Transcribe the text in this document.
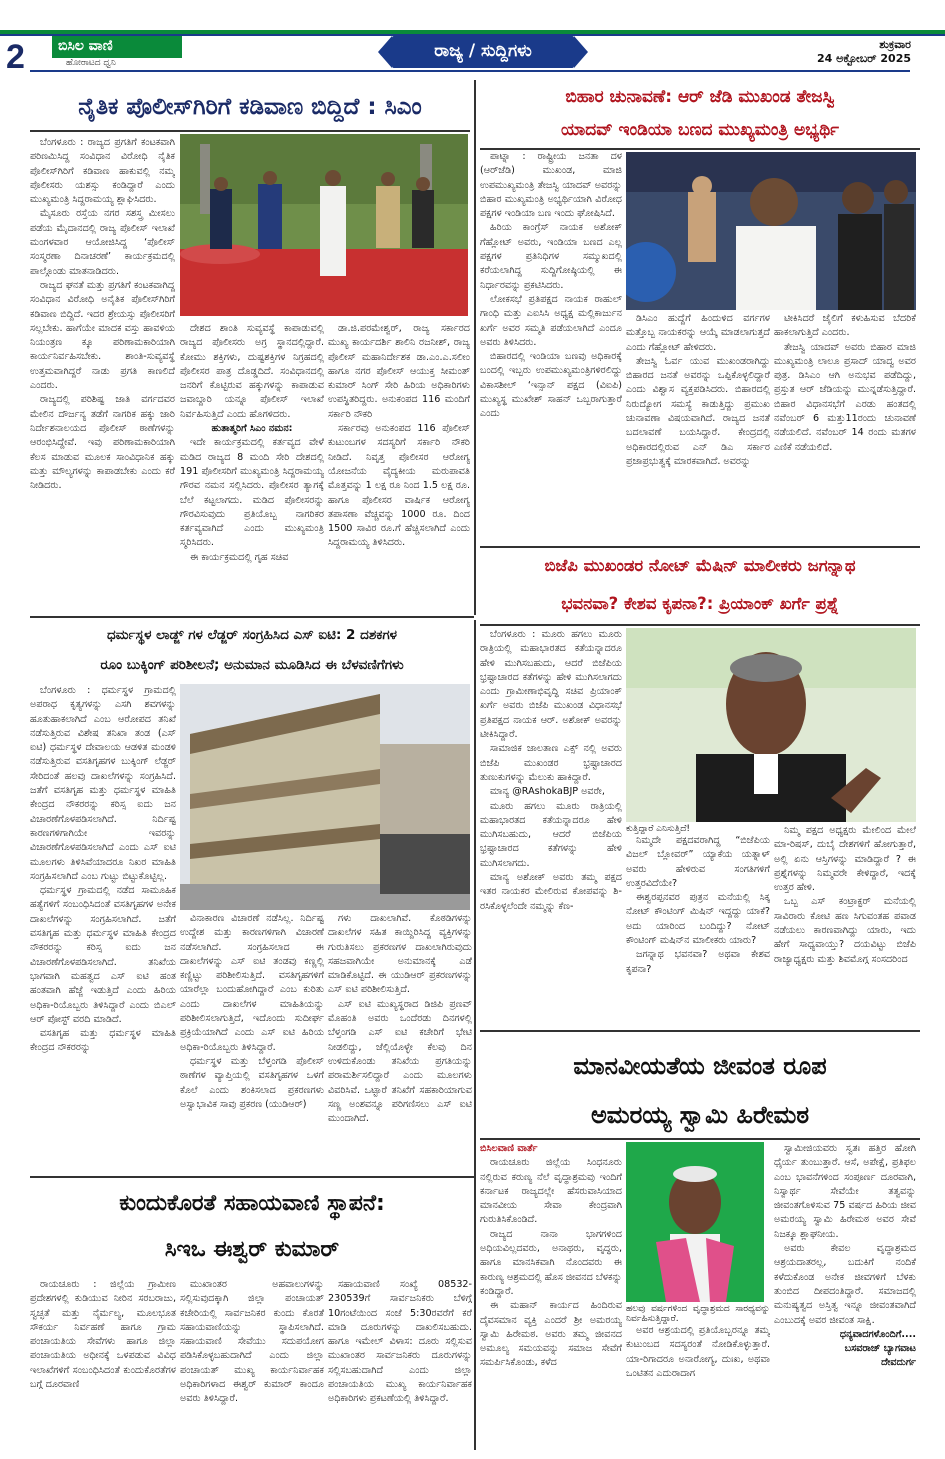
2	ಬಿಸಿಲ ವಾಣಿ
ಹೋರಾಟದ ಧ್ವನಿ
ರಾಜ್ಯ / ಸುದ್ದಿಗಳು	ಶುಕ್ರವಾರ
24 ಅಕ್ಟೋಬರ್ 2025
ನೈತಿಕ ಪೊಲೀಸ್‌ಗಿರಿಗೆ ಕಡಿವಾಣ ಬಿದ್ದಿದೆ : ಸಿಎಂ

ಬೆಂಗಳೂರು : ರಾಜ್ಯದ ಪ್ರಗತಿಗೆ ಕಂಟಕವಾಗಿ ಪರಿಣಮಿಸಿದ್ದ ಸಂವಿಧಾನ ವಿರೋಧಿ ನೈತಿಕ ಪೊಲೀಸ್‌ಗಿರಿಗೆ ಕಡಿವಾಣ ಹಾಕುವಲ್ಲಿ ನಮ್ಮ ಪೊಲೀಸರು ಯಶಸ್ಸು ಕಂಡಿದ್ದಾರೆ ಎಂದು ಮುಖ್ಯಮಂತ್ರಿ ಸಿದ್ದರಾಮಯ್ಯ ಶ್ಲಾಘಿಸಿದರು.

ಮೈಸೂರು ರಸ್ತೆಯ ನಗರ ಸಶಸ್ತ್ರ ಮೀಸಲು ಪಡೆಯ ಮೈದಾನದಲ್ಲಿ ರಾಜ್ಯ ಪೊಲೀಸ್ ಇಲಾಖೆ ಮಂಗಳವಾರ ಆಯೋಜಿಸಿದ್ದ ‘ಪೊಲೀಸ್ ಸಂಸ್ಮರಣಾ ದಿನಾಚರಣೆ’ ಕಾರ್ಯಕ್ರಮದಲ್ಲಿ ಪಾಲ್ಗೊಂಡು ಮಾತನಾಡಿದರು.

ರಾಜ್ಯದ ಘನತೆ ಮತ್ತು ಪ್ರಗತಿಗೆ ಕಂಟಕವಾಗಿದ್ದ ಸಂವಿಧಾನ ವಿರೋಧಿ ಅನೈತಿಕ ಪೊಲೀಸ್‌ಗಿರಿಗೆ ಕಡಿವಾಣ ಬಿದ್ದಿದೆ. ಇದರ ಶ್ರೇಯಸ್ಸು ಪೊಲೀಸರಿಗೆ ಸಲ್ಲಬೇಕು. ಹಾಗೆಯೇ ಮಾದಕ ವಸ್ತು ಹಾವಳಿಯ ನಿಯಂತ್ರಣ ಕ್ಕೂ ಪರಿಣಾಮಕಾರಿಯಾಗಿ ಕಾರ್ಯನಿರ್ವಹಿಸಬೇಕು. ಶಾಂತಿ-ಸುವ್ಯವಸ್ಥೆ ಉತ್ತಮವಾಗಿದ್ದರೆ ನಾಡು ಪ್ರಗತಿ ಕಾಣಲಿದೆ ಎಂದರು.

ರಾಜ್ಯದಲ್ಲಿ ಪರಿಶಿಷ್ಟ ಜಾತಿ ವರ್ಗದವರ ಮೇಲಿನ ದೌರ್ಜನ್ಯ ತಡೆಗೆ ನಾಗರಿಕ ಹಕ್ಕು ಜಾರಿ ನಿರ್ದೇಶನಾಲಯದ ಪೊಲೀಸ್ ಠಾಣೆಗಳನ್ನು ಆರಂಭಿಸಿದ್ದೇವೆ. ಇವು ಪರಿಣಾಮಕಾರಿಯಾಗಿ ಕೆಲಸ ಮಾಡುವ ಮೂಲಕ ಸಾಂವಿಧಾನಿಕ ಹಕ್ಕು ಮತ್ತು ಮೌಲ್ಯಗಳನ್ನು ಕಾಪಾಡಬೇಕು ಎಂದು ಕರೆ ನೀಡಿದರು.

ದೇಶದ ಶಾಂತಿ ಸುವ್ಯವಸ್ಥೆ ಕಾಪಾಡುವಲ್ಲಿ ರಾಜ್ಯದ ಪೊಲೀಸರು ಅಗ್ರ ಸ್ಥಾನದಲ್ಲಿದ್ದಾರೆ. ಕೋಮು ಶಕ್ತಿಗಳು, ದುಷ್ಟಶಕ್ತಿಗಳ ನಿಗ್ರಹದಲ್ಲಿ ಪೊಲೀಸರ ಪಾತ್ರ ದೊಡ್ಡದಿದೆ. ಸಂವಿಧಾನದಲ್ಲಿ ಜನರಿಗೆ ಕೊಟ್ಟಿರುವ ಹಕ್ಕುಗಳನ್ನು ಕಾಪಾಡುವ ಜವಾಬ್ದಾರಿ ಯನ್ನೂ ಪೊಲೀಸ್ ಇಲಾಖೆ ನಿರ್ವಹಿಸುತ್ತಿದೆ ಎಂದು ಹೊಗಳಿದರು.

ಹುತಾತ್ಮರಿಗೆ ಸಿಎಂ ನಮನ:

ಇದೇ ಕಾರ್ಯಕ್ರಮದಲ್ಲಿ ಕರ್ತವ್ಯದ ವೇಳೆ ಮಡಿದ ರಾಜ್ಯದ 8 ಮಂದಿ ಸೇರಿ ದೇಶದಲ್ಲಿ 191 ಪೊಲೀಸರಿಗೆ ಮುಖ್ಯಮಂತ್ರಿ ಸಿದ್ದರಾಮಯ್ಯ ಗೌರವ ನಮನ ಸಲ್ಲಿಸಿದರು. ಪೊಲೀಸರ ತ್ಯಾಗಕ್ಕೆ ಬೆಲೆ ಕಟ್ಟಲಾಗದು. ಮಡಿದ ಪೊಲೀಸರನ್ನು ಗೌರವಿಸುವುದು ಪ್ರತಿಯೊಬ್ಬ ನಾಗರಿಕರ ಕರ್ತವ್ಯವಾಗಿದೆ ಎಂದು ಮುಖ್ಯಮಂತ್ರಿ ಸ್ಮರಿಸಿದರು.

ಈ ಕಾರ್ಯಕ್ರಮದಲ್ಲಿ ಗೃಹ ಸಚಿವ

ಡಾ.ಜಿ.ಪರಮೇಶ್ವರ್, ರಾಜ್ಯ ಸರ್ಕಾರದ ಮುಖ್ಯ ಕಾರ್ಯದರ್ಶಿ ಶಾಲಿನಿ ರಜನೀಶ್, ರಾಜ್ಯ ಪೊಲೀಸ್ ಮಹಾನಿರ್ದೇಶಕ ಡಾ.ಎಂ.ಎ.ಸಲೀಂ ಹಾಗೂ ನಗರ ಪೊಲೀಸ್ ಆಯುಕ್ತ ಸೀಮಂತ್ ಕುಮಾರ್ ಸಿಂಗ್ ಸೇರಿ ಹಿರಿಯ ಅಧಿಕಾರಿಗಳು ಉಪಸ್ಥಿತರಿದ್ದರು. ಅನುಕಂಪದ 116 ಮಂದಿಗೆ ಸರ್ಕಾರಿ ನೌಕರಿ

ಸರ್ಕಾರವು ಅನುಕಂಪದ 116 ಪೊಲೀಸ್ ಕುಟುಂಬಗಳ ಸದಸ್ಯರಿಗೆ ಸರ್ಕಾರಿ ನೌಕರಿ ನೀಡಿದೆ. ನಿವೃತ್ತ ಪೊಲೀಸರ ಆರೋಗ್ಯ ಯೋಜನೆಯ ವೈದ್ಯಕೀಯ ಮರುಪಾವತಿ ಮೊತ್ತವನ್ನು 1 ಲಕ್ಷ ರೂ ನಿಂದ 1.5 ಲಕ್ಷ ರೂ. ಹಾಗೂ ಪೊಲೀಸರ ವಾರ್ಷಿಕ ಆರೋಗ್ಯ ತಪಾಸಣಾ ವೆಚ್ಚವನ್ನು 1000 ರೂ. ದಿಂದ 1500 ಸಾವಿರ ರೂ.ಗೆ ಹೆಚ್ಚಿಸಲಾಗಿದೆ ಎಂದು ಸಿದ್ದರಾಮಯ್ಯ ತಿಳಿಸಿದರು.

ಬಿಹಾರ ಚುನಾವಣೆ: ಆರ್ ಜೆಡಿ ಮುಖಂಡ ತೇಜಸ್ವಿ
ಯಾದವ್ ಇಂಡಿಯಾ ಬಣದ ಮುಖ್ಯಮಂತ್ರಿ ಅಭ್ಯರ್ಥಿ

ಪಾಟ್ನಾ : ರಾಷ್ಟ್ರೀಯ ಜನತಾ ದಳ (ಆರ್‌ಜೆಡಿ) ಮುಖಂಡ, ಮಾಜಿ ಉಪಮುಖ್ಯಮಂತ್ರಿ ತೇಜಸ್ವಿ ಯಾದವ್ ಅವರನ್ನು ಬಿಹಾರ ಮುಖ್ಯಮಂತ್ರಿ ಅಭ್ಯರ್ಥಿಯಾಗಿ ವಿರೋಧ ಪಕ್ಷಗಳ ಇಂಡಿಯಾ ಬಣ ಇಂದು ಘೋಷಿಸಿದೆ.

ಹಿರಿಯ ಕಾಂಗ್ರೆಸ್ ನಾಯಕ ಅಶೋಕ್ ಗೆಹ್ಲೋಟ್ ಅವರು, ಇಂಡಿಯಾ ಬಣದ ಎಲ್ಲ ಪಕ್ಷಗಳ ಪ್ರತಿನಿಧಿಗಳ ಸಮ್ಮುಖದಲ್ಲಿ ಕರೆಯಲಾಗಿದ್ದ ಸುದ್ದಿಗೋಷ್ಠಿಯಲ್ಲಿ ಈ ನಿರ್ಧಾರವನ್ನು ಪ್ರಕಟಿಸಿದರು.

ಲೋಕಸಭೆ ಪ್ರತಿಪಕ್ಷದ ನಾಯಕ ರಾಹುಲ್ ಗಾಂಧಿ ಮತ್ತು ಎಐಸಿಸಿ ಅಧ್ಯಕ್ಷ ಮಲ್ಲಿಕಾರ್ಜುನ ಖರ್ಗೆ ಅವರ ಸಮ್ಮತಿ ಪಡೆಯಲಾಗಿದೆ ಎಂದೂ ಅವರು ತಿಳಿಸಿದರು.

ಬಿಹಾರದಲ್ಲಿ ಇಂಡಿಯಾ ಬಣವು ಅಧಿಕಾರಕ್ಕೆ ಬಂದಲ್ಲಿ ಇಬ್ಬರು ಉಪಮುಖ್ಯಮಂತ್ರಿಗಳಿರಲಿದ್ದು ವಿಕಾಸಶೀಲ್ ‘ಇನ್ಸಾನ್ ಪಕ್ಷದ (ವಿಐಪಿ) ಮುಖ್ಯಸ್ಥ ಮುಖೇಶ್ ಸಾಹನ್ ಒಬ್ಬರಾಗುತ್ತಾರೆ ಎಂದು

ಡಿಸಿಎಂ ಹುದ್ದೆಗೆ ಹಿಂದುಳಿದ ವರ್ಗಗಳ ಮತ್ತೊಬ್ಬ ನಾಯಕರನ್ನು ಆಯ್ಕೆ ಮಾಡಲಾಗುತ್ತದೆ ಎಂದು ಗೆಹ್ಲೋಟ್ ಹೇಳಿದರು.

ತೇಜಸ್ವಿ ಓರ್ವ ಯುವ ಮುಖಂಡರಾಗಿದ್ದು ಬಿಹಾರದ ಜನತೆ ಅವರನ್ನು ಒಪ್ಪಿಕೊಳ್ಳಲಿದ್ದಾರೆ ಎಂದು ವಿಶ್ವಾಸ ವ್ಯಕ್ತಪಡಿಸಿದರು. ಬಿಹಾರದಲ್ಲಿ ನಿರುದ್ಯೋಗ ಸಮಸ್ಯೆ ಕಾಡುತ್ತಿದ್ದು ಪ್ರಮುಖ ಚುನಾವಣಾ ವಿಷಯವಾಗಿದೆ. ರಾಜ್ಯದ ಜನತೆ ಬದಲಾವಣೆ ಬಯಸಿದ್ದಾರೆ. ಕೇಂದ್ರದಲ್ಲಿ ಅಧಿಕಾರದಲ್ಲಿರುವ ಎನ್ ಡಿಎ ಸರ್ಕಾರ ಪ್ರಜಾಪ್ರಭುತ್ವಕ್ಕೆ ಮಾರಕವಾಗಿದೆ. ಅವರನ್ನು

ಟೀಕಿಸಿದರೆ ಜೈಲಿಗೆ ಕಳುಹಿಸುವ ಬೆದರಿಕೆ ಹಾಕಲಾಗುತ್ತಿದೆ ಎಂದರು.

ತೇಜಸ್ವಿ ಯಾದವ್ ಅವರು ಬಿಹಾರ ಮಾಜಿ ಮುಖ್ಯಮಂತ್ರಿ ಲಾಲೂ ಪ್ರಸಾದ್ ಯಾದ್ವ ಅವರ ಪುತ್ರ. ಡಿಸಿಎಂ ಆಗಿ ಅನುಭವ ಪಡೆದಿದ್ದು, ಪ್ರಸ್ತುತ ಆರ್ ಜೆಡಿಯನ್ನು ಮುನ್ನಡೆಸುತ್ತಿದ್ದಾರೆ. ಬಿಹಾರ ವಿಧಾನಸಭೆಗೆ ಎರಡು ಹಂತದಲ್ಲಿ ನವೆಂಬರ್ 6 ಮತ್ತು11ರಂದು ಚುನಾವಣೆ ನಡೆಯಲಿದೆ. ನವೆಂಬರ್ 14 ರಂದು ಮತಗಳ ಎಣಿಕೆ ನಡೆಯಲಿದೆ.

ಬಿಜೆಪಿ ಮುಖಂಡರ ನೋಟ್ ಮೆಷಿನ್ ಮಾಲೀಕರು ಜಗನ್ನಾಥ
ಭವನವಾ? ಕೇಶವ ಕೃಪನಾ?: ಪ್ರಿಯಾಂಕ್ ಖರ್ಗೆ ಪ್ರಶ್ನೆ

ಬೆಂಗಳೂರು : ಮೂರು ಹಗಲು ಮೂರು ರಾತ್ರಿಯಲ್ಲಿ ಮಹಾಭಾರತದ ಕತೆಯನ್ನಾದರೂ ಹೇಳಿ ಮುಗಿಸಬಹುದು, ಆದರೆ ಬಿಜೆಪಿಯ ಭ್ರಷ್ಟಾಚಾರದ ಕತೆಗಳನ್ನು ಹೇಳಿ ಮುಗಿಸಲಾಗದು ಎಂದು ಗ್ರಾಮೀಣಾಭಿವೃದ್ಧಿ ಸಚಿವ ಪ್ರಿಯಾಂಕ್ ಖರ್ಗೆ ಅವರು ಬಿಜೆಪಿ ಮುಖಂಡ ವಿಧಾನಸಭೆ ಪ್ರತಿಪಕ್ಷದ ನಾಯಕ ಆರ್. ಅಶೋಕ್ ಅವರನ್ನು ಟೀಕಿಸಿದ್ದಾರೆ.

ಸಾಮಾಜಿಕ ಜಾಲತಾಣ ಎಕ್ಸ್ ನಲ್ಲಿ ಅವರು ಬಿಜೆಪಿ ಮುಖಂಡರ ಭ್ರಷ್ಟಾಚಾರದ ತುಣುಕುಗಳನ್ನು ಮೆಲುಕು ಹಾಕಿದ್ದಾರೆ.

ಮಾನ್ಯ @RAshokaBJP ಅವರೇ,

ಮೂರು ಹಗಲು ಮೂರು ರಾತ್ರಿಯಲ್ಲಿ ಮಹಾಭಾರತದ ಕತೆಯನ್ನಾದರೂ ಹೇಳಿ ಮುಗಿಸಬಹುದು, ಆದರೆ ಬಿಜೆಪಿಯ ಭ್ರಷ್ಟಾಚಾರದ ಕತೆಗಳನ್ನು ಹೇಳಿ ಮುಗಿಸಲಾಗದು.

ಮಾನ್ಯ ಅಶೋಕ್ ಅವರು ತಮ್ಮ ಪಕ್ಷದ ಇತರ ನಾಯಕರ ಮೇಲಿರುವ ಕೋಪವನ್ನು ಶಿ-ರಸಿಕೊಳ್ಳಲೆಂದೇ ನಮ್ಮನ್ನು ಕೆಣ-

ಕುತ್ತಿದ್ದಾರೆ ಎನಿಸುತ್ತಿದೆ!

ನಿಮ್ಮದೇ ಪಕ್ಷದವರಾಗಿದ್ದ “ಬಿಜೆಪಿಯ ವಿಜಲ್ ಬ್ಲೋವರ್” ಯ್ಯಾಕೆಯ ಯತ್ನಾಳ್ ಅವರು ಹೇಳಿರುವ ಸಂಗತಿಗಳಿಗೆ ಉತ್ತರವಿದೆಯೇ?

ಈಶ್ವರಪ್ಪನವರ ಪುತ್ರನ ಮನೆಯಲ್ಲಿ ಸಿಕ್ಕ ನೋಟ್ ಕೌಂಟಿಂಗ್ ಮಿಷಿನ್ ಇದ್ದದ್ದು ಯಾಕೆ? ಅದು ಯಾರಿಂದ ಬಂದಿದ್ದು? ನೋಟ್ ಕೌಂಟಿಂಗ್ ಮಷಿನ್‌ನ ಮಾಲೀಕರು ಯಾರು?

ಜಗನ್ನಾಥ ಭವನವಾ? ಅಥವಾ ಕೇಶವ ಕೃಪನಾ?

ನಿಮ್ಮ ಪಕ್ಷದ ಅಧ್ಯಕ್ಷರು ಮೇಲಿಂದ ಮೇಲೆ ಮಾ-ರಿಷಸ್, ದುಬೈ ದೇಶಗಳಿಗೆ ಹೋಗುತ್ತಾರೆ, ಅಲ್ಲಿ ಏನು ಆಸ್ತಿಗಳನ್ನು ಮಾಡಿದ್ದಾರೆ ? ಈ ಪ್ರಶ್ನೆಗಳನ್ನು ನಿಮ್ಮವರೇ ಕೇಳಿದ್ದಾರೆ, ಇದಕ್ಕೆ ಉತ್ತರ ಹೇಳಿ.

ಒಬ್ಬ ಎಸ್ ಕಂಟ್ರಾಕ್ಟರ್ ಮನೆಯಲ್ಲಿ ಸಾವಿರಾರು ಕೋಟಿ ಹಣ ಸಿಗುವಂತಹ ಪವಾಡ ನಡೆಯಲು ಕಾರಣವಾಗಿದ್ದು ಯಾರು, ಇದು ಹೇಗೆ ಸಾಧ್ಯವಾಯ್ತು? ದಯವಿಟ್ಟು ಬಿಜೆಪಿ ರಾಜ್ಯಾಧ್ಯಕ್ಷರು ಮತ್ತು ಶಿವಮೊಗ್ಗ ಸಂಸದರಿಂದ

ಧರ್ಮಸ್ಥಳ ಲಾಡ್ಜ್ ಗಳ ಲೆಡ್ಜರ್ ಸಂಗ್ರಹಿಸಿದ ಎಸ್ ಐಟಿ: 2 ದಶಕಗಳ
ರೂಂ ಬುಕ್ಕಿಂಗ್ ಪರಿಶೀಲನೆ; ಅನುಮಾನ ಮೂಡಿಸಿದ ಈ ಬೆಳವಣಿಗೆಗಳು

ಬೆಂಗಳೂರು : ಧರ್ಮಸ್ಥಳ ಗ್ರಾಮದಲ್ಲಿ ಅಪರಾಧ ಕೃತ್ಯಗಳನ್ನು ಎಸಗಿ ಶವಗಳನ್ನು ಹೂತುಹಾಕಲಾಗಿದೆ ಎಂಬ ಆರೋಪದ ತನಿಖೆ ನಡೆಸುತ್ತಿರುವ ವಿಶೇಷ ತನಿಖಾ ತಂಡ (ಎಸ್ ಐಟಿ) ಧರ್ಮಸ್ಥಳ ದೇವಾಲಯ ಆಡಳಿತ ಮಂಡಳಿ ನಡೆಸುತ್ತಿರುವ ವಸತಿಗೃಹಗಳ ಬುಕ್ಕಿಂಗ್ ಲೆಡ್ಜರ್ ಸೇರಿದಂತೆ ಹಲವು ದಾಖಲೆಗಳನ್ನು ಸಂಗ್ರಹಿಸಿದೆ. ಜತೆಗೆ ವಸತಿಗೃಹ ಮತ್ತು ಧರ್ಮಸ್ಥಳ ಮಾಹಿತಿ ಕೇಂದ್ರದ ನೌಕರರನ್ನು ಕರಿಸ್ಸ ಐದು ಜನ ವಿಚಾರಣೆಗೊಳಪಡಿಸಲಾಗಿದೆ. ನಿರ್ದಿಷ್ಟ ಕಾರಣಗಳಿಗಾಗಿಯೇ ಇವರನ್ನು ವಿಚಾರಣೆಗೊಳಪಡಿಸಲಾಗಿದೆ ಎಂದು ಎಸ್ ಐಟಿ ಮೂಲಗಳು ತಿಳಿಸಿವೆಯಾದರೂ ನಿಖರ ಮಾಹಿತಿ ಸಂಗ್ರಹಿಸಲಾಗಿದೆ ಎಂಬ ಗುಟ್ಟು ಬಿಟ್ಟುಕೊಟ್ಟಿಲ್ಲ.

ಧರ್ಮಸ್ಥಳ ಗ್ರಾಮದಲ್ಲಿ ನಡೆದ ಸಾಮೂಹಿಕ ಹತ್ಯೆಗಳಿಗೆ ಸಂಬಂಧಿಸಿದಂತೆ ವಸತಿಗೃಹಗಳ ಅನೇಕ ದಾಖಲೆಗಳನ್ನು ಸಂಗ್ರಹಿಸಲಾಗಿದೆ. ಜತೆಗೆ ವಸತಿಗೃಹ ಮತ್ತು ಧರ್ಮಸ್ಥಳ ಮಾಹಿತಿ ಕೇಂದ್ರದ ನೌಕರರನ್ನು ಕರಿಸ್ಸ ಐದು ಜನ ವಿಚಾರಣೆಗೊಳಪಡಿಸಲಾಗಿದೆ. ತನಿಖೆಯ ಭಾಗವಾಗಿ ಮಹತ್ವದ ಎಸ್ ಐಟಿ ಹಂತ ಹಂತವಾಗಿ ಹೆಜ್ಜೆ ಇಡುತ್ತಿದೆ ಎಂದು ಹಿರಿಯ ಅಧಿಕಾ-ರಿಯೊಬ್ಬರು ತಿಳಿಸಿದ್ದಾರೆ ಎಂದು ಬಿಎಲ್ ಆರ್ ಪೋಸ್ಟ್ ವರದಿ ಮಾಡಿದೆ.

ವಸತಿಗೃಹ ಮತ್ತು ಧರ್ಮಸ್ಥಳ ಮಾಹಿತಿ ಕೇಂದ್ರದ ನೌಕರರನ್ನು

ವಿನಾಕಾರಣ ವಿಚಾರಣೆ ನಡೆಸಿಲ್ಲ. ನಿರ್ದಿಷ್ಟ ಉದ್ದೇಶ ಮತ್ತು ಕಾರಣಗಳಿಗಾಗಿ ವಿಚಾರಣೆ ನಡೆಸಲಾಗಿದೆ. ಸಂಗ್ರಹಿಸಲಾದ ಈ ದಾಖಲೆಗಳನ್ನು ಎಸ್ ಐಟಿ ತಂಡವು ಕಣ್ಣಲ್ಲಿ ಕಣ್ಣಿಟ್ಟು ಪರಿಶೀಲಿಸುತ್ತಿದೆ. ವಸತಿಗೃಹಗಳಿಗೆ ಯಾರೆಲ್ಲಾ ಬಂದುಹೋಗಿದ್ದಾರೆ ಎಂಬ ಕುರಿತು ಎಂದು ದಾಖಲೆಗಳ ಮಾಹಿತಿಯನ್ನು ಪರಿಶೀಲಿಸಲಾಗುತ್ತಿದೆ, ಇದೊಂದು ಸುದೀರ್ಘ ಪ್ರಕ್ರಿಯೆಯಾಗಿದೆ ಎಂದು ಎಸ್ ಐಟಿ ಹಿರಿಯ ಅಧಿಕಾ-ರಿಯೊಬ್ಬರು ತಿಳಿಸಿದ್ದಾರೆ.

ಧರ್ಮಸ್ಥಳ ಮತ್ತು ಬೆಳ್ತಂಗಡಿ ಪೊಲೀಸ್ ಠಾಣೆಗಳ ವ್ಯಾಪ್ತಿಯಲ್ಲಿ ವಸತಿಗೃಹಗಳ ಒಳಗೆ ಕೊಲೆ ಎಂದು ಶಂಕಿಸಲಾದ ಪ್ರಕರಣಗಳು ಅಸ್ವಾಭಾವಿಕ ಸಾವು ಪ್ರಕರಣ (ಯುಡಿಆರ್)

ಗಳು ದಾಖಲಾಗಿವೆ. ಕೊಠಡಿಗಳನ್ನು ದಾಖಲೆಗಳ ಸಹಿತ ಕಾಯ್ದಿರಿಸಿದ್ದ ವ್ಯಕ್ತಿಗಳನ್ನು ಗುರುತಿಸಲು ಪ್ರಕರಣಗಳ ದಾಖಲಾಗಿರುವುದು ಸಹಜವಾಗಿಯೇ ಅನುಮಾನಕ್ಕೆ ಎಡೆ ಮಾಡಿಕೊಟ್ಟಿದೆ. ಈ ಯುಡಿಆರ್ ಪ್ರಕರಣಗಳನ್ನು ಎಸ್ ಐಟಿ ಪರಿಶೀಲಿಸುತ್ತಿದೆ.

ಎಸ್ ಐಟಿ ಮುಖ್ಯಸ್ಥರಾದ ಡಿಜಿಪಿ ಪ್ರಣವ್ ಮೊಹಂತಿ ಅವರು ಒಂದೆರಡು ದಿನಗಳಲ್ಲಿ ಬೆಳ್ತಂಗಡಿ ಎಸ್ ಐಟಿ ಕಚೇರಿಗೆ ಭೇಟಿ ನೀಡಲಿದ್ದು, ಜೆಲ್ಲಿಯೊಳ್ಳೇ ಕೆಲವು ದಿನ ಉಳಿದುಕೊಂಡು ತನಿಖೆಯ ಪ್ರಗತಿಯನ್ನು ಪರಾಮರ್ಶಿಸಲಿದ್ದಾರೆ ಎಂದು ಮೂಲಗಳು ವಿವರಿಸಿವೆ. ಒಟ್ಟಾರೆ ತನಿಖೆಗೆ ಸಹಕಾರಿಯಾಗುವ ಸಣ್ಣ ಅಂಶವನ್ನೂ ಪರಿಗಣಿಸಲು ಎಸ್ ಐಟಿ ಮುಂದಾಗಿದೆ.

ಕುಂದುಕೊರತೆ ಸಹಾಯವಾಣಿ ಸ್ಥಾಪನೆ:
ಸಿಇಒ ಈಶ್ವರ್ ಕುಮಾರ್

ರಾಯಚೂರು : ಜಿಲ್ಲೆಯ ಗ್ರಾಮೀಣ ಪ್ರದೇಶಗಳಲ್ಲಿ ಕುಡಿಯುವ ನೀರಿನ ಸರಬರಾಜು, ಸ್ವಚ್ಛತೆ ಮತ್ತು ನೈರ್ಮಲ್ಯ, ಮೂಲಭೂತ ಸೌಕರ್ಯ ನಿರ್ವಹಣೆ ಹಾಗೂ ಗ್ರಾಮ ಪಂಚಾಯತಿಯ ಸೇವೆಗಳು ಹಾಗೂ ಜಿಲ್ಲಾ ಪಂಚಾಯತಿಯ ಅಧೀನಕ್ಕೆ ಒಳಪಡುವ ವಿವಿಧ ಇಲಾಖೆಗಳಿಗೆ ಸಂಬಂಧಿಸಿದಂತೆ ಕುಂದುಕೊರತೆಗಳ ಬಗ್ಗೆ ದೂರವಾಣಿ

ಮುಖಾಂತರ ಅಹವಾಲುಗಳನ್ನು ಸಲ್ಲಿಸುವುದಕ್ಕಾಗಿ ಜಿಲ್ಲಾ ಪಂಚಾಯತ್ ಕಚೇರಿಯಲ್ಲಿ ಸಾರ್ವಜನಿಕರ ಕುಂದು ಕೊರತೆ ಸಹಾಯವಾಣಿಯನ್ನು ಸ್ಥಾಪಿಸಲಾಗಿದೆ. ಸಹಾಯವಾಣಿ ಸೇವೆಯು ಸದುಪಯೋಗ ಪಡಿಸಿಕೊಳ್ಳಬಹುದಾಗಿದೆ ಎಂದು ಜಿಲ್ಲಾ ಪಂಚಾಯತ್ ಮುಖ್ಯ ಕಾರ್ಯನಿರ್ವಾಹಕ ಅಧಿಕಾರಿಗಳಾದ ಈಶ್ವರ್ ಕುಮಾರ್ ಕಾಂದೂ ಅವರು ತಿಳಿಸಿದ್ದಾರೆ.

ಸಹಾಯವಾಣಿ ಸಂಖ್ಯೆ 08532-230539ಗೆ ಸಾರ್ವಜನಿಕರು ಬೆಳಿಗ್ಗೆ 10ಗಂಟೆಯಿಂದ ಸಂಜೆ 5:30ರವರೆಗೆ ಕರೆ ಮಾಡಿ ದೂರುಗಳನ್ನು ದಾಖಲಿಸಬಹುದು. ಹಾಗೂ ಇಮೇಲ್ ವಿಳಾಸ: ದೂರು ಸಲ್ಲಿಸುವ ಮುಖಾಂತರ ಸಾರ್ವಜನಿಕರು ದೂರುಗಳನ್ನು ಸಲ್ಲಿಸಬಹುದಾಗಿದೆ ಎಂದು ಜಿಲ್ಲಾ ಪಂಚಾಯತಿಯ ಮುಖ್ಯ ಕಾರ್ಯನಿರ್ವಾಹಕ ಅಧಿಕಾರಿಗಳು ಪ್ರಕಟಣೆಯಲ್ಲಿ ತಿಳಿಸಿದ್ದಾರೆ.

ಮಾನವೀಯತೆಯ ಜೀವಂತ ರೂಪ
ಅಮರಯ್ಯ ಸ್ವಾಮಿ ಹಿರೇಮಠ

ಬಿಸಿಲವಾಣಿ ವಾರ್ತೆ

ರಾಯಚೂರು ಜಿಲ್ಲೆಯ ಸಿಂಧನೂರು ನಲ್ಲಿರುವ ಕರುಣ್ಯ ನೆಲೆ ವೃದ್ಧಾಶ್ರಮವು ಇಂದಿಗೆ ಕರ್ನಾಟಕ ರಾಜ್ಯದಲ್ಲೇ ಹೆಸರುವಾಸಿಯಾದ ಮಾನವೀಯ ಸೇವಾ ಕೇಂದ್ರವಾಗಿ ಗುರುತಿಸಿಕೊಂಡಿದೆ.

ರಾಜ್ಯದ ನಾನಾ ಭಾಗಗಳಿಂದ ಅಧಿಯವಿಲ್ಲದವರು, ಅನಾಥರು, ವೃದ್ಧರು, ಹಾಗೂ ಮಾನಸಿಕವಾಗಿ ನೊಂದವರು ಈ ಕಾರುಣ್ಯ ಆಶ್ರಮದಲ್ಲಿ ಹೊಸ ಜೀವನದ ಬೆಳಕನ್ನು ಕಂಡಿದ್ದಾರೆ.

ಈ ಮಹಾನ್ ಕಾರ್ಯದ ಹಿಂದಿರುವ ದೈವಸಮಾನ ವ್ಯಕ್ತಿ ಎಂದರೆ ಶ್ರೀ ಅಮರಯ್ಯ ಸ್ವಾಮಿ ಹಿರೇಮಠ. ಅವರು ತಮ್ಮ ಜೀವನದ ಅಮೂಲ್ಯ ಸಮಯವನ್ನು ಸಮಾಜ ಸೇವೆಗೆ ಸಮರ್ಪಿಸಿಕೊಂಡು, ಕಳೆದ

ಹಲವು ವರ್ಷಗಳಿಂದ ವೃದ್ಧಾಶ್ರಮದ ಸಾರಥ್ಯವನ್ನು ನಿರ್ವಹಿಸುತ್ತಿದ್ದಾರೆ.

ಅವರ ಆಶ್ರಯದಲ್ಲಿ ಪ್ರತಿಯೊಬ್ಬರನ್ನೂ ತಮ್ಮ ಕುಟುಂಬದ ಸದಸ್ಯರಂತೆ ನೋಡಿಕೊಳ್ಳುತ್ತಾರೆ. ಯಾ-ರಿಗಾದರೂ ಅನಾರೋಗ್ಯ, ದುಃಖ, ಅಥವಾ ಒಂಟಿತನ ಎದುರಾದಾಗ

ಸ್ವಾಮೀಜಿಯವರು ಸ್ವತಃ ಹತ್ತಿರ ಹೋಗಿ ಧೈರ್ಯ ತುಂಬುತ್ತಾರೆ. ಆಸೆ, ಅಪೇಕ್ಷೆ, ಪ್ರತಿಫಲ ಎಂಬ ಭಾವನೆಗಳಿಂದ ಸಂಪೂರ್ಣ ದೂರವಾಗಿ, ನಿಸ್ವಾರ್ಥ ಸೇವೆಯೇ ತತ್ವವನ್ನು ಜೀವಂತಗೊಳಿಸುವ 75 ವರ್ಷದ ಹಿರಿಯ ಜೀವ ಅಮರಯ್ಯ ಸ್ವಾಮಿ ಹಿರೇಮಠ ಅವರ ಸೇವೆ ನಿಜಕ್ಕೂ ಶ್ಲಾಘನೀಯ.

ಅವರು ಕೇವಲ ವೃದ್ಧಾಶ್ರಮದ ಆಶ್ರಯದಾತರಲ್ಲ, ಬದುಕಿಗೆ ನಂದಿಕೆ ಕಳೆದುಕೊಂಡ ಅನೇಕ ಜೀವಗಳಿಗೆ ಬೆಳಕು ತುಂಬಿದ ದೀಪದಂತಿದ್ದಾರೆ. ಸಮಾಜದಲ್ಲಿ ಮನುಷ್ಯತ್ವದ ಅಸ್ತಿತ್ವ ಇನ್ನೂ ಜೀವಂತವಾಗಿದೆ ಎಂಬುದಕ್ಕೆ ಅವರ ಜೀವಂತ ಸಾಕ್ಷಿ.

ಧನ್ಯವಾದಗಳೊಂದಿಗೆ....

ಬಸವರಾಜ್ ಬ್ಯಾಗವಾಟ

ದೇವದುರ್ಗ
